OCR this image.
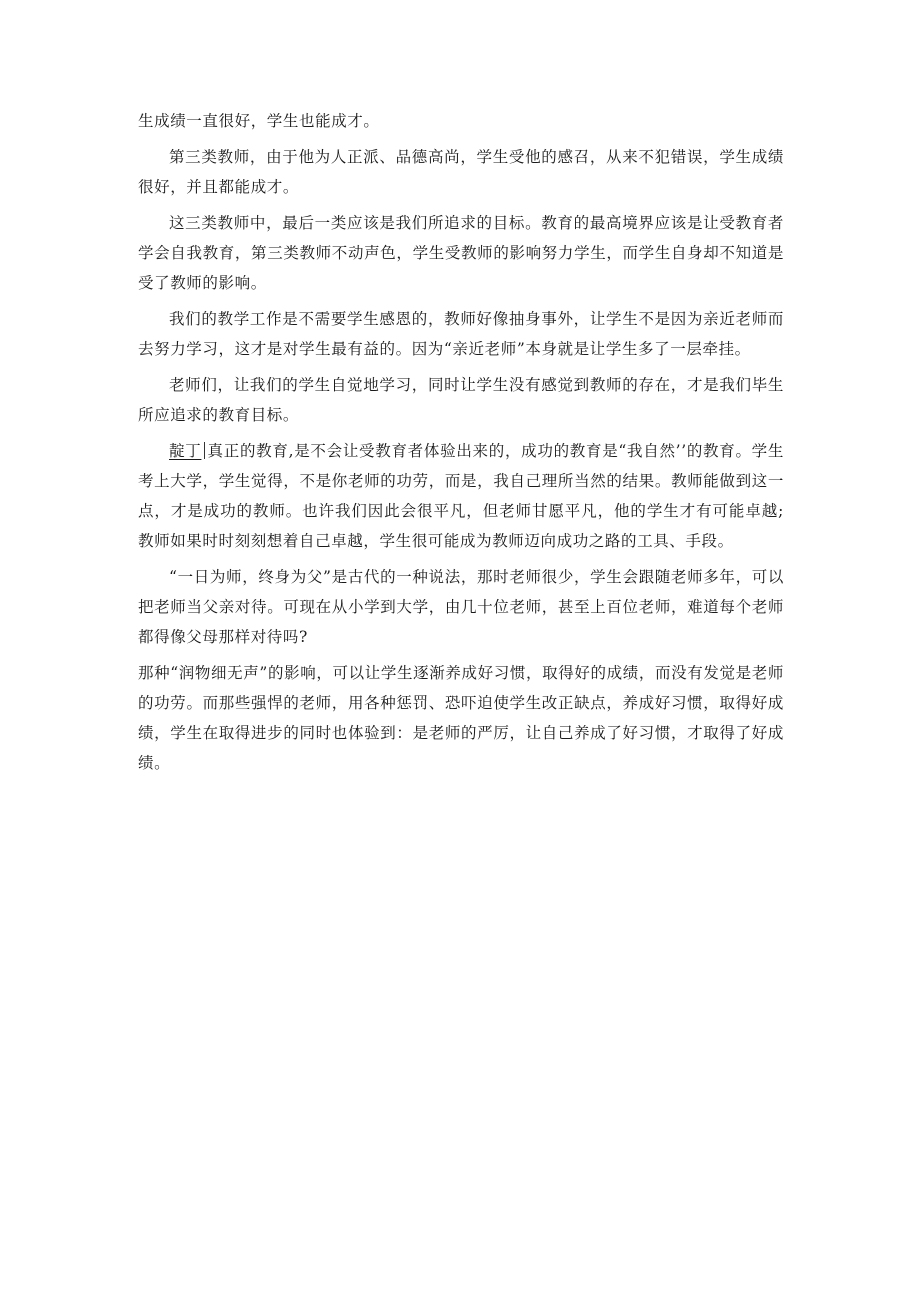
生成绩一直很好，学生也能成才。

第三类教师，由于他为人正派、品德高尚，学生受他的感召，从来不犯错误，学生成绩很好，并且都能成才。

这三类教师中，最后一类应该是我们所追求的目标。教育的最高境界应该是让受教育者学会自我教育，第三类教师不动声色，学生受教师的影响努力学生，而学生自身却不知道是受了教师的影响。

我们的教学工作是不需要学生感恩的，教师好像抽身事外，让学生不是因为亲近老师而去努力学习，这才是对学生最有益的。因为“亲近老师”本身就是让学生多了一层牵挂。

老师们，让我们的学生自觉地学习，同时让学生没有感觉到教师的存在，才是我们毕生所应追求的教育目标。

靛丁 真正的教育,是不会让受教育者体验出来的，成功的教育是“我自然’’的教育。学生考上大学，学生觉得，不是你老师的功劳，而是，我自己理所当然的结果。教师能做到这一点，才是成功的教师。也许我们因此会很平凡，但老师甘愿平凡，他的学生才有可能卓越;教师如果时时刻刻想着自己卓越，学生很可能成为教师迈向成功之路的工具、手段。

“一日为师，终身为父”是古代的一种说法，那时老师很少，学生会跟随老师多年，可以把老师当父亲对待。可现在从小学到大学，由几十位老师，甚至上百位老师，难道每个老师都得像父母那样对待吗?

那种“润物细无声”的影响，可以让学生逐渐养成好习惯，取得好的成绩，而没有发觉是老师的功劳。而那些强悍的老师，用各种惩罚、恐吓迫使学生改正缺点，养成好习惯，取得好成绩，学生在取得进步的同时也体验到：是老师的严厉，让自己养成了好习惯，才取得了好成绩。
